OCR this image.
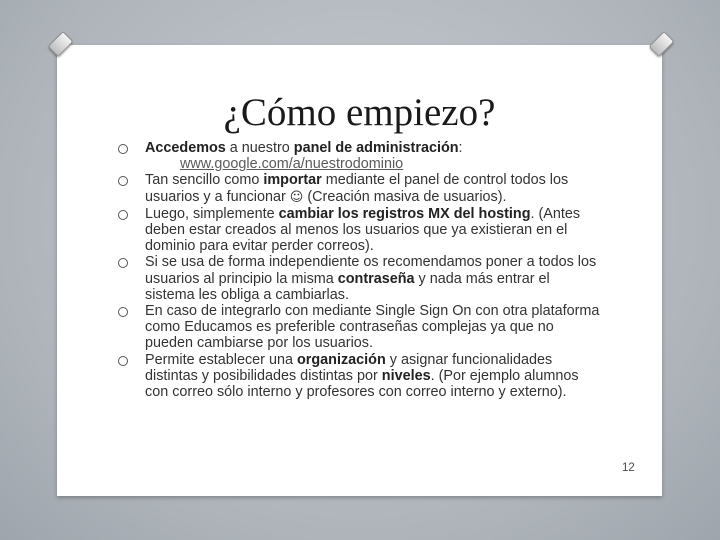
¿Cómo empiezo?

Accedemos a nuestro panel de administración:

www.google.com/a/nuestrodominio

Tan sencillo como importar mediante el panel de control todos los usuarios y a funcionar ☺ (Creación masiva de usuarios).

Luego, simplemente cambiar los registros MX del hosting. (Antes deben estar creados al menos los usuarios que ya existieran en el dominio para evitar perder correos).

Si se usa de forma independiente os recomendamos poner a todos los usuarios al principio la misma contraseña y nada más entrar el sistema les obliga a cambiarlas.

En caso de integrarlo con mediante Single Sign On con otra plataforma como Educamos es preferible contraseñas complejas ya que no pueden cambiarse por los usuarios.

Permite establecer una organización y asignar funcionalidades distintas y posibilidades distintas por niveles. (Por ejemplo alumnos con correo sólo interno y profesores con correo interno y externo).

12
